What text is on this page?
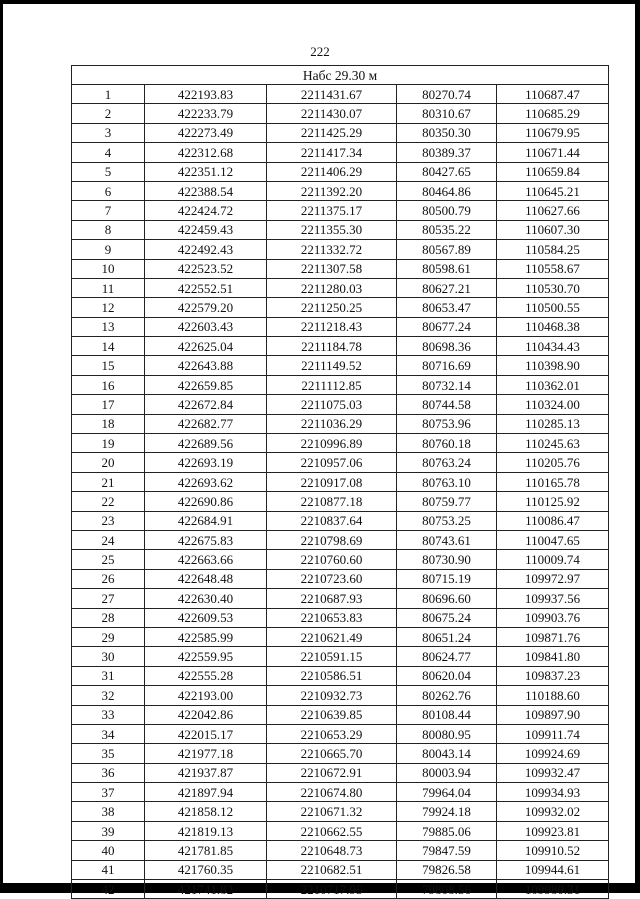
222
Набс 29.30 м				
1	422193.83	2211431.67	80270.74	110687.47
2	422233.79	2211430.07	80310.67	110685.29
3	422273.49	2211425.29	80350.30	110679.95
4	422312.68	2211417.34	80389.37	110671.44
5	422351.12	2211406.29	80427.65	110659.84
6	422388.54	2211392.20	80464.86	110645.21
7	422424.72	2211375.17	80500.79	110627.66
8	422459.43	2211355.30	80535.22	110607.30
9	422492.43	2211332.72	80567.89	110584.25
10	422523.52	2211307.58	80598.61	110558.67
11	422552.51	2211280.03	80627.21	110530.70
12	422579.20	2211250.25	80653.47	110500.55
13	422603.43	2211218.43	80677.24	110468.38
14	422625.04	2211184.78	80698.36	110434.43
15	422643.88	2211149.52	80716.69	110398.90
16	422659.85	2211112.85	80732.14	110362.01
17	422672.84	2211075.03	80744.58	110324.00
18	422682.77	2211036.29	80753.96	110285.13
19	422689.56	2210996.89	80760.18	110245.63
20	422693.19	2210957.06	80763.24	110205.76
21	422693.62	2210917.08	80763.10	110165.78
22	422690.86	2210877.18	80759.77	110125.92
23	422684.91	2210837.64	80753.25	110086.47
24	422675.83	2210798.69	80743.61	110047.65
25	422663.66	2210760.60	80730.90	110009.74
26	422648.48	2210723.60	80715.19	109972.97
27	422630.40	2210687.93	80696.60	109937.56
28	422609.53	2210653.83	80675.24	109903.76
29	422585.99	2210621.49	80651.24	109871.76
30	422559.95	2210591.15	80624.77	109841.80
31	422555.28	2210586.51	80620.04	109837.23
32	422193.00	2210932.73	80262.76	110188.60
33	422042.86	2210639.85	80108.44	109897.90
34	422015.17	2210653.29	80080.95	109911.74
35	421977.18	2210665.70	80043.14	109924.69
36	421937.87	2210672.91	80003.94	109932.47
37	421897.94	2210674.80	79964.04	109934.93
38	421858.12	2210671.32	79924.18	109932.02
39	421819.13	2210662.55	79885.06	109923.81
40	421781.85	2210648.73	79847.59	109910.52
41	421760.35	2210682.51	79826.58	109944.61
42	421741.82	2210717.95	79808.56	109980.31
